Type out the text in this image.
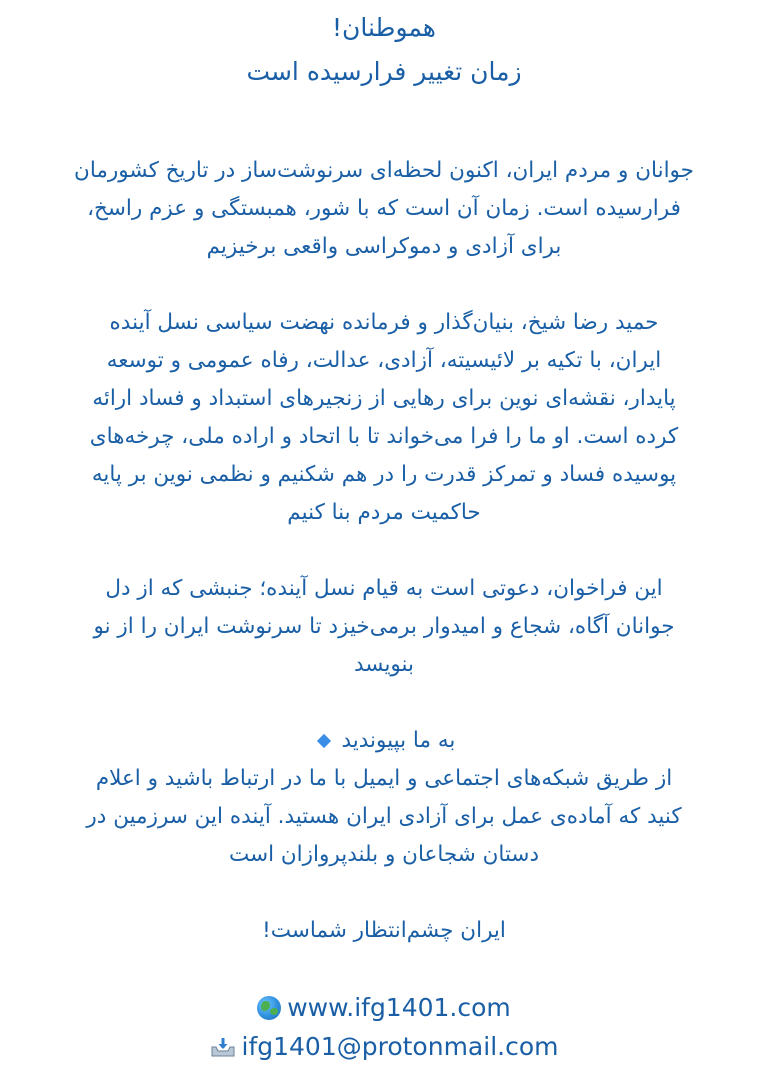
هموطنان!

زمان تغییر فرارسیده است

جوانان و مردم ایران، اکنون لحظه‌ای سرنوشت‌ساز در تاریخ کشورمان

فرارسیده است. زمان آن است که با شور، همبستگی و عزم راسخ،

برای آزادی و دموکراسی واقعی برخیزیم

حمید رضا شیخ، بنیان‌گذار و فرمانده نهضت سیاسی نسل آینده

ایران، با تکیه بر لائیسیته، آزادی، عدالت، رفاه عمومی و توسعه

پایدار، نقشه‌ای نوین برای رهایی از زنجیرهای استبداد و فساد ارائه

کرده است. او ما را فرا می‌خواند تا با اتحاد و اراده ملی، چرخه‌های

پوسیده فساد و تمرکز قدرت را در هم شکنیم و نظمی نوین بر پایه

حاکمیت مردم بنا کنیم

این فراخوان، دعوتی است به قیام نسل آینده؛ جنبشی که از دل

جوانان آگاه، شجاع و امیدوار برمی‌خیزد تا سرنوشت ایران را از نو

بنویسد

به ما بپیوندید

از طریق شبکه‌های اجتماعی و ایمیل با ما در ارتباط باشید و اعلام

کنید که آماده‌ی عمل برای آزادی ایران هستید. آینده این سرزمین در

دستان شجاعان و بلندپروازان است

!ایران چشم‌انتظار شماست

www.ifg1401.com
ifg1401@protonmail.com
